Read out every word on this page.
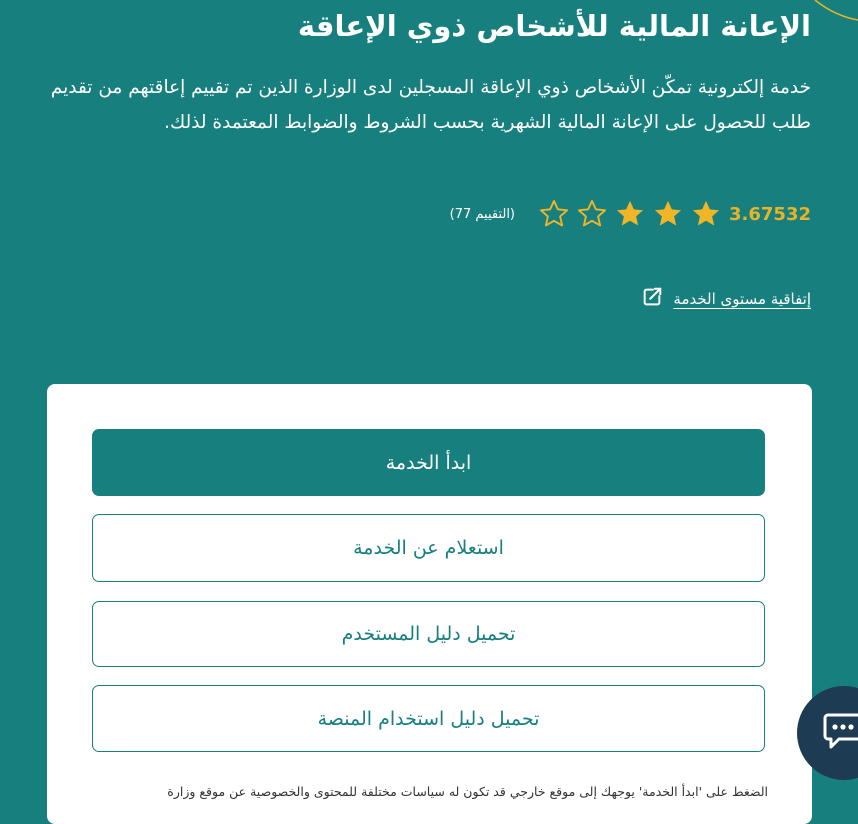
الإعانة المالية للأشخاص ذوي الإعاقة

خدمة إلكترونية تمكّن الأشخاص ذوي الإعاقة المسجلين لدى الوزارة الذين تم تقييم إعاقتهم من تقديم طلب للحصول على الإعانة المالية الشهرية بحسب الشروط والضوابط المعتمدة لذلك.

3.67532
(التقييم 77)
إتفاقية مستوى الخدمة
ابدأ الخدمة
استعلام عن الخدمة
تحميل دليل المستخدم
تحميل دليل استخدام المنصة

الضغط على 'ابدأ الخدمة' يوجهك إلى موقع خارجي قد تكون له سياسات مختلفة للمحتوى والخصوصية عن موقع وزارة
